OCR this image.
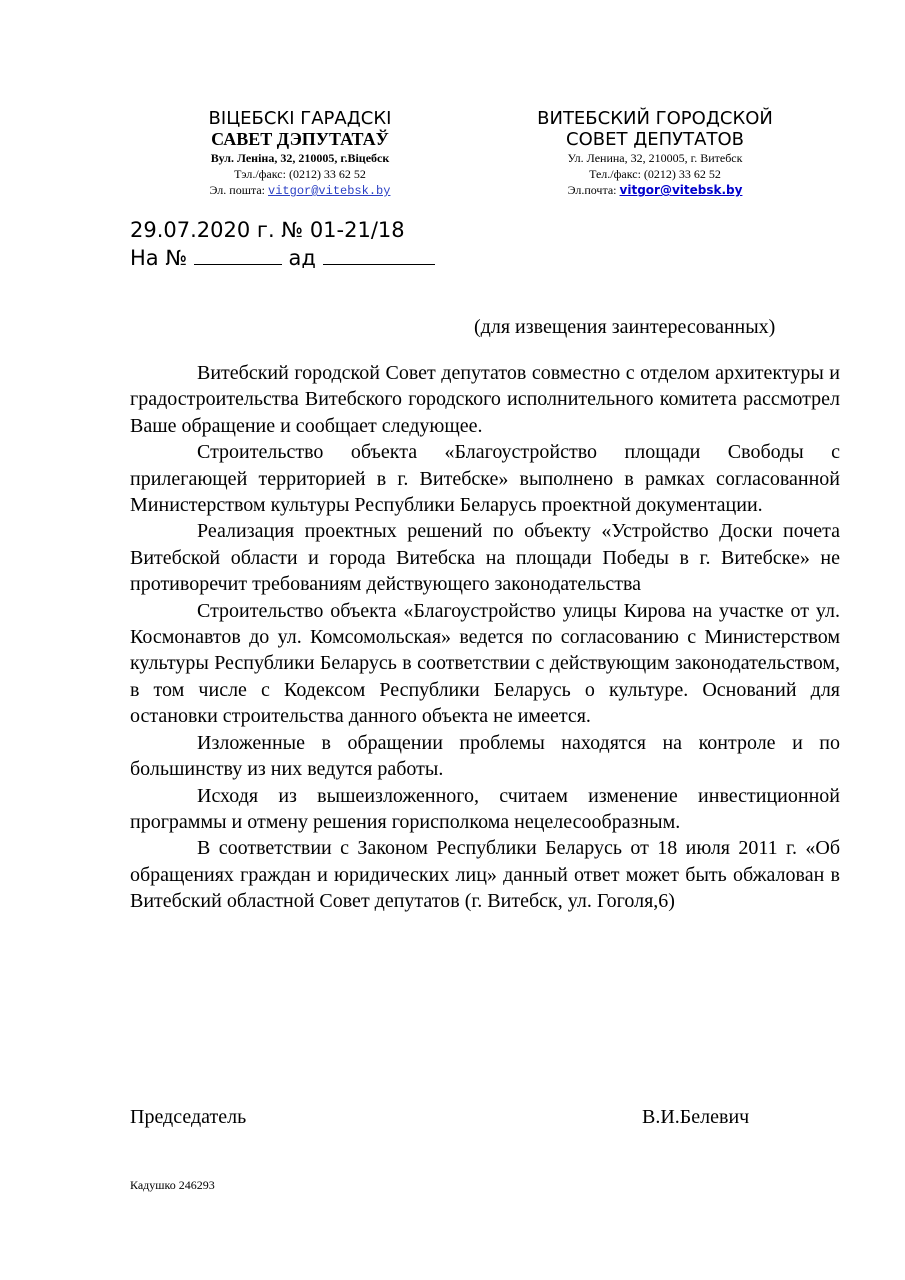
ВІЦЕБСКІ ГАРАДСКІ
САВЕТ ДЭПУТАТАЎ
Вул. Леніна, 32, 210005, г.Віцебск
Тэл./факс: (0212) 33 62 52
Эл. пошта: vitgor@vitebsk.by
ВИТЕБСКИЙ ГОРОДСКОЙ
СОВЕТ ДЕПУТАТОВ
Ул. Ленина, 32, 210005, г. Витебск
Тел./факс: (0212) 33 62 52
Эл.почта: vitgor@vitebsk.by
29.07.2020 г. № 01-21/18
На №	ад
(для извещения заинтересованных)

Витебский городской Совет депутатов совместно с отделом архитектуры и градостроительства Витебского городского исполнительного комитета рассмотрел Ваше обращение и сообщает следующее.

Строительство объекта «Благоустройство площади Свободы с прилегающей территорией в г. Витебске» выполнено в рамках согласованной Министерством культуры Республики Беларусь проектной документации.

Реализация проектных решений по объекту «Устройство Доски почета Витебской области и города Витебска на площади Победы в г. Витебске» не противоречит требованиям действующего законодательства

Строительство объекта «Благоустройство улицы Кирова на участке от ул. Космонавтов до ул. Комсомольская» ведется по согласованию с Министерством культуры Республики Беларусь в соответствии с действующим законодательством, в том числе с Кодексом Республики Беларусь о культуре. Оснований для остановки строительства данного объекта не имеется.

Изложенные в обращении проблемы находятся на контроле и по большинству из них ведутся работы.

Исходя из вышеизложенного, считаем изменение инвестиционной программы и отмену решения горисполкома нецелесообразным.

В соответствии с Законом Республики Беларусь от 18 июля 2011 г. «Об обращениях граждан и юридических лиц» данный ответ может быть обжалован в Витебский областной Совет депутатов (г. Витебск, ул. Гоголя,6)

Председатель	В.И.Белевич
Кадушко 246293
